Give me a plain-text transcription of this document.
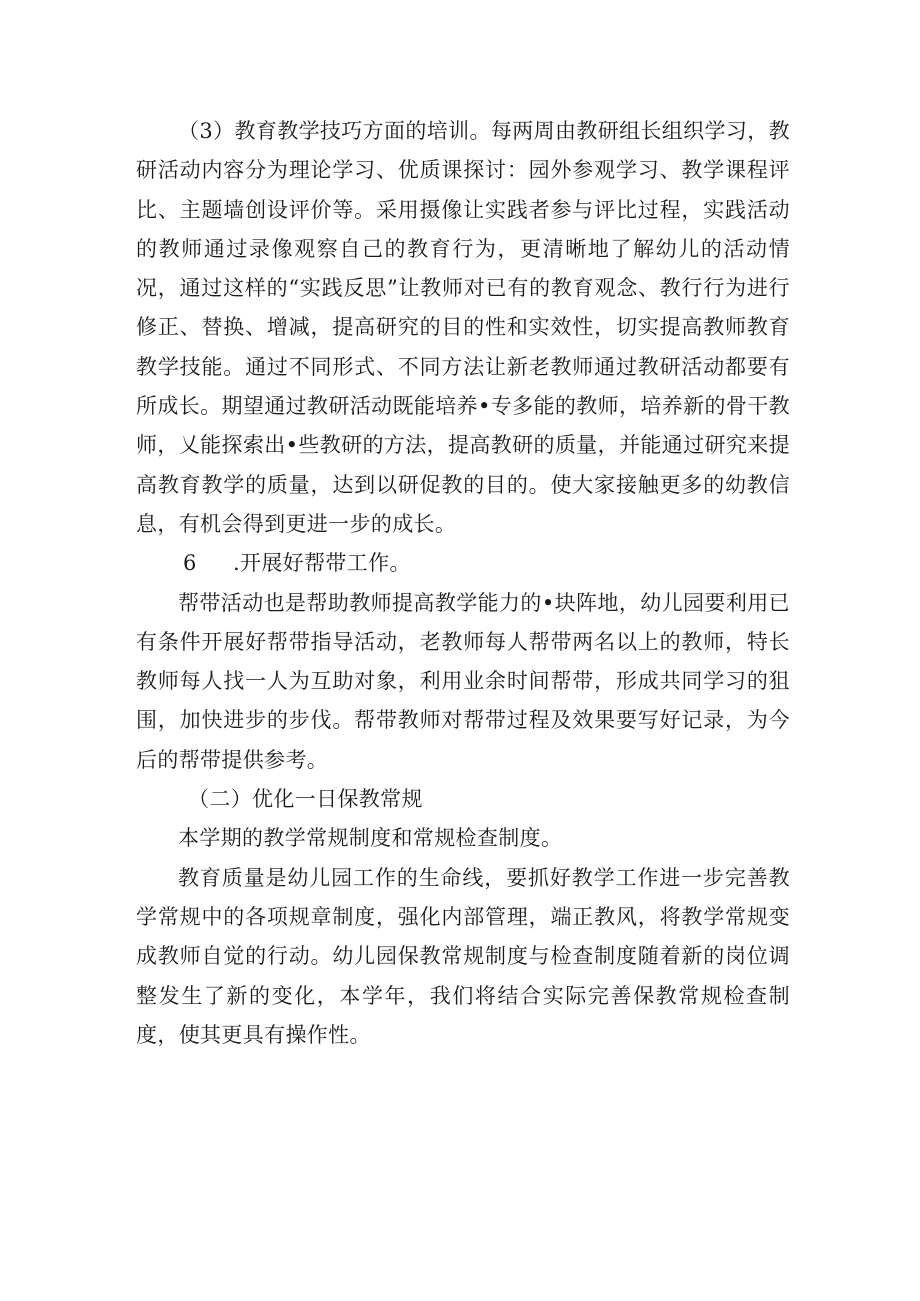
（3）教育教学技巧方面的培训。每两周由教研组长组织学习，教研活动内容分为理论学习、优质课探讨：园外参观学习、教学课程评比、主题墙创设评价等。采用摄像让实践者参与评比过程，实践活动的教师通过录像观察自己的教育行为，更清晰地了解幼儿的活动情况，通过这样的“实践反思”让教师对已有的教育观念、教行行为进行修正、替换、增减，提高研究的目的性和实效性，切实提高教师教育教学技能。通过不同形式、不同方法让新老教师通过教研活动都要有所成长。期望通过教研活动既能培养•专多能的教师，培养新的骨干教师，乂能探索出•些教研的方法，提高教研的质量，并能通过研究来提高教育教学的质量，达到以研促教的目的。使大家接触更多的幼教信息，有机会得到更进一步的成长。

6 .开展好帮带工作。

帮带活动也是帮助教师提高教学能力的•块阵地，幼儿园要利用已有条件开展好帮带指导活动，老教师每人帮带两名以上的教师，特长教师每人找一人为互助对象，利用业余时间帮带，形成共同学习的狙围，加快进步的步伐。帮带教师对帮带过程及效果要写好记录，为今后的帮带提供参考。

（二）优化一日保教常规

本学期的教学常规制度和常规检查制度。

教育质量是幼儿园工作的生命线，要抓好教学工作进一步完善教学常规中的各项规章制度，强化内部管理，端正教风，将教学常规变成教师自觉的行动。幼儿园保教常规制度与检查制度随着新的岗位调整发生了新的变化，本学年，我们将结合实际完善保教常规检查制度，使其更具有操作性。
